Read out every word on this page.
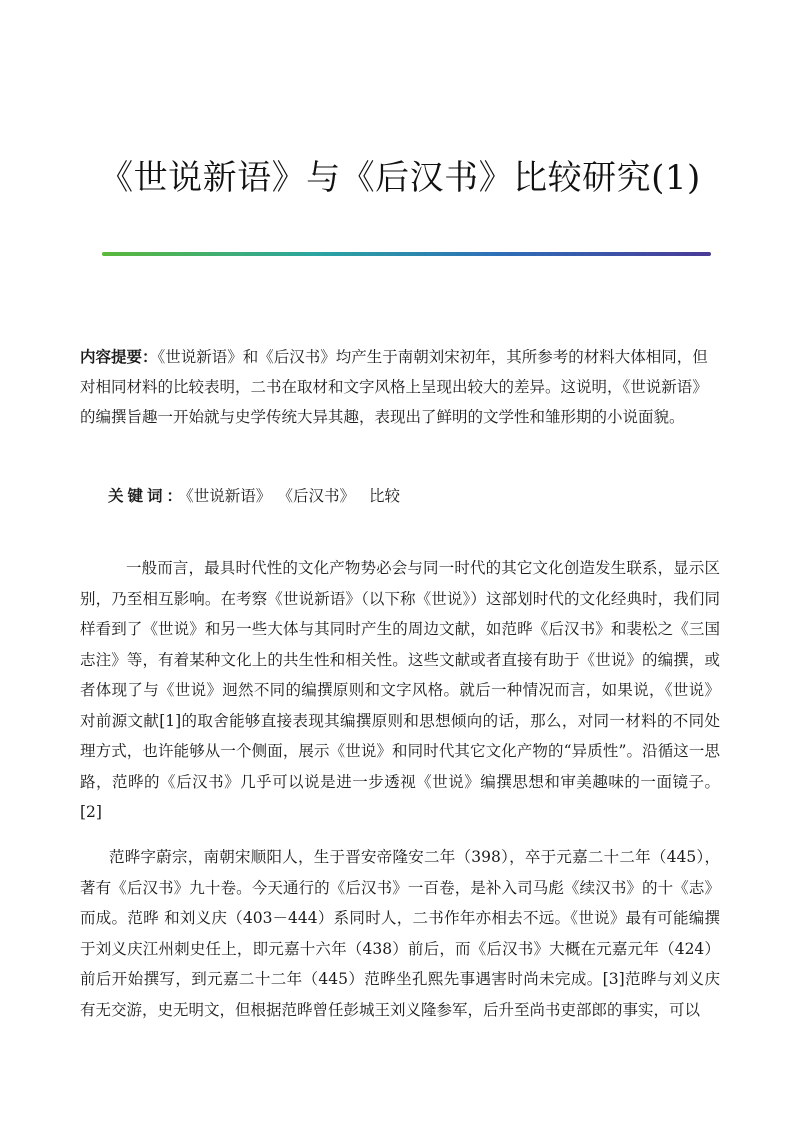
《世说新语》与《后汉书》比较研究(1)

内容提要：《世说新语》和《后汉书》均产生于南朝刘宋初年，其所参考的材料大体相同，但对相同材料的比较表明，二书在取材和文字风格上呈现出较大的差异。这说明，《世说新语》的编撰旨趣一开始就与史学传统大异其趣，表现出了鲜明的文学性和雏形期的小说面貌。

关键词：《世说新语》 《后汉书》 比较

一般而言，最具时代性的文化产物势必会与同一时代的其它文化创造发生联系，显示区别，乃至相互影响。在考察《世说新语》（以下称《世说》）这部划时代的文化经典时，我们同样看到了《世说》和另一些大体与其同时产生的周边文献，如范晔《后汉书》和裴松之《三国志注》等，有着某种文化上的共生性和相关性。这些文献或者直接有助于《世说》的编撰，或者体现了与《世说》迥然不同的编撰原则和文字风格。就后一种情况而言，如果说，《世说》对前源文献[1]的取舍能够直接表现其编撰原则和思想倾向的话，那么，对同一材料的不同处理方式，也许能够从一个侧面，展示《世说》和同时代其它文化产物的“异质性”。沿循这一思路，范晔的《后汉书》几乎可以说是进一步透视《世说》编撰思想和审美趣味的一面镜子。[2]

范晔字蔚宗，南朝宋顺阳人，生于晋安帝隆安二年（398），卒于元嘉二十二年（445），著有《后汉书》九十卷。今天通行的《后汉书》一百卷，是补入司马彪《续汉书》的十《志》而成。范晔 和刘义庆（403－444）系同时人，二书作年亦相去不远。《世说》最有可能编撰于刘义庆江州刺史任上，即元嘉十六年（438）前后，而《后汉书》大概在元嘉元年（424）前后开始撰写，到元嘉二十二年（445）范晔坐孔熙先事遇害时尚未完成。[3]范晔与刘义庆有无交游，史无明文，但根据范晔曾任彭城王刘义隆参军，后升至尚书吏部郎的事实，可以
